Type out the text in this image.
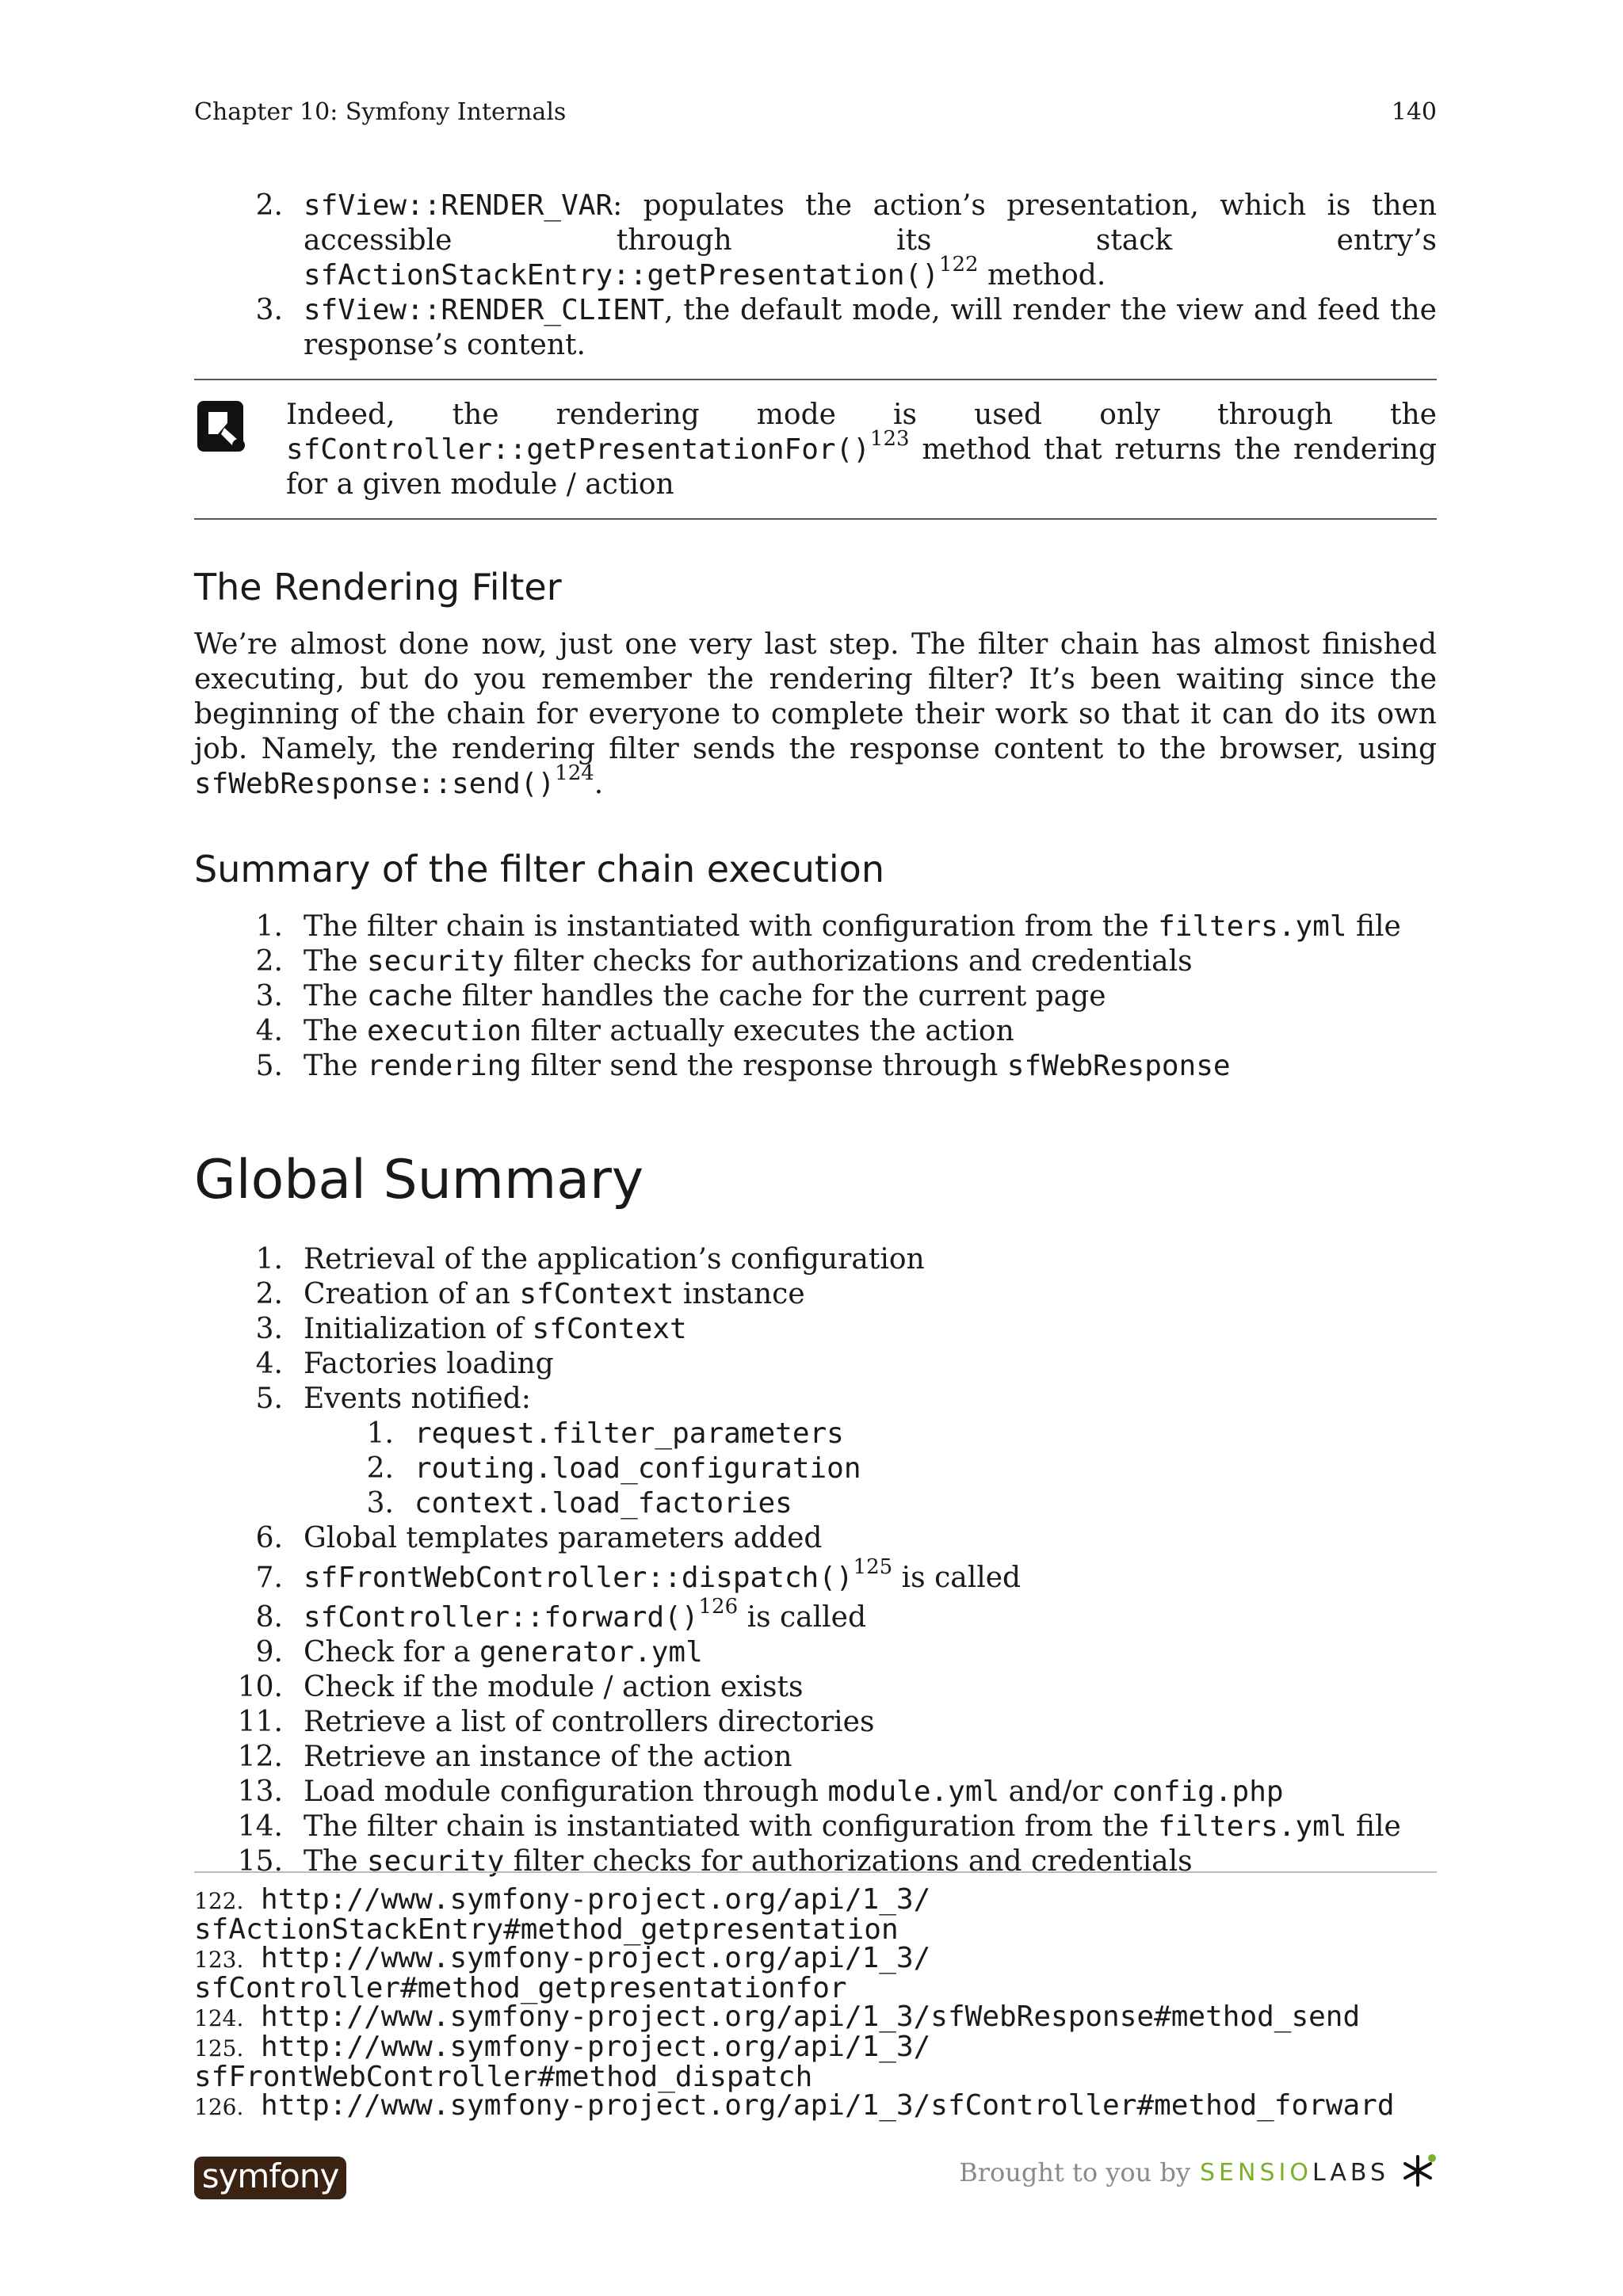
Chapter 10: Symfony Internals	140
2. sfView::RENDER_VAR: populates the action’s presentation, which is then accessible through its stack entry’s sfActionStackEntry::getPresentation()$^{122}$ method.
3. sfView::RENDER_CLIENT, the default mode, will render the view and feed the response’s content.
Indeed, the rendering mode is used only through the
sfController::getPresentationFor()$^{123}$ method that returns the rendering for a given module / action
The Rendering Filter

We’re almost done now, just one very last step. The filter chain has almost finished executing, but do you remember the rendering filter? It’s been waiting since the beginning of the chain for everyone to complete their work so that it can do its own job. Namely, the rendering filter sends the response content to the browser, using sfWebResponse::send()$^{124}$.

Summary of the filter chain execution
1. The filter chain is instantiated with configuration from the filters.yml file
2. The security filter checks for authorizations and credentials
3. The cache filter handles the cache for the current page
4. The execution filter actually executes the action
5. The rendering filter send the response through sfWebResponse
Global Summary
1. Retrieval of the application’s configuration
2. Creation of an sfContext instance
3. Initialization of sfContext
4. Factories loading
5. Events notified:
1. request.filter_parameters
2. routing.load_configuration
3. context.load_factories
6. Global templates parameters added
7. sfFrontWebController::dispatch()$^{125}$ is called
8. sfController::forward()$^{126}$ is called
9. Check for a generator.yml
10. Check if the module / action exists
11. Retrieve a list of controllers directories
12. Retrieve an instance of the action
13. Load module configuration through module.yml and/or config.php
14. The filter chain is instantiated with configuration from the filters.yml file
15. The security filter checks for authorizations and credentials
122. http://www.symfony-project.org/api/1_3/
sfActionStackEntry#method_getpresentation
123. http://www.symfony-project.org/api/1_3/
sfController#method_getpresentationfor
124. http://www.symfony-project.org/api/1_3/sfWebResponse#method_send
125. http://www.symfony-project.org/api/1_3/
sfFrontWebController#method_dispatch
126. http://www.symfony-project.org/api/1_3/sfController#method_forward
symfony	Brought to you by SENSIO LABS
